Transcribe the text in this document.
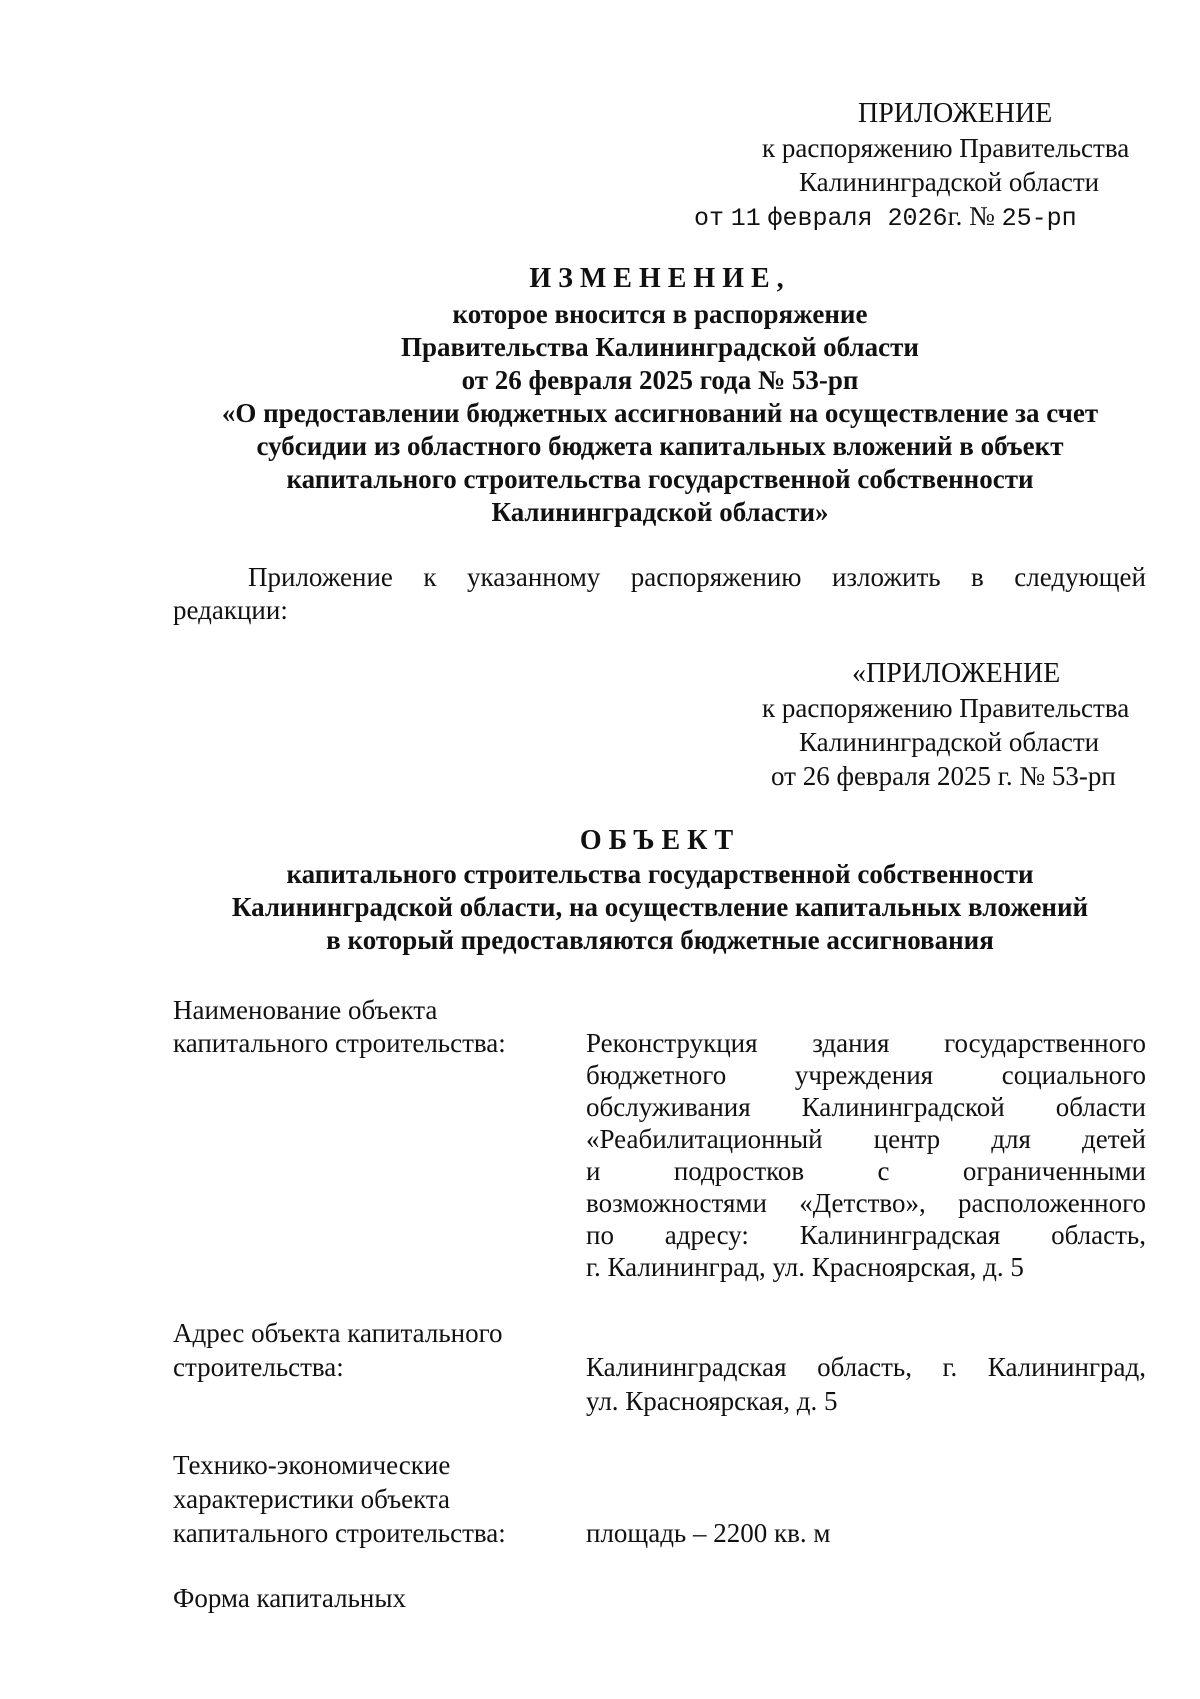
ПРИЛОЖЕНИЕ
к распоряжению Правительства
Калининградской области
от 11 февраля 2026г. № 25-рп
ИЗМЕНЕНИЕ,
которое вносится в распоряжение
Правительства Калининградской области
от 26 февраля 2025 года № 53-рп
«О предоставлении бюджетных ассигнований на осуществление за счет
субсидии из областного бюджета капитальных вложений в объект
капитального строительства государственной собственности
Калининградской области»
Приложение к указанному распоряжению изложить в следующей
редакции:
«ПРИЛОЖЕНИЕ
к распоряжению Правительства
Калининградской области
от 26 февраля 2025 г. № 53-рп
ОБЪЕКТ
капитального строительства государственной собственности
Калининградской области, на осуществление капитальных вложений
в который предоставляются бюджетные ассигнования
Наименование объекта
капитального строительства:	Реконструкция здания государственного
бюджетного учреждения социального
обслуживания Калининградской области
«Реабилитационный центр для детей
и подростков с ограниченными
возможностями «Детство», расположенного
по адресу: Калининградская область,
г. Калининград, ул. Красноярская, д. 5
Адрес объекта капитального
строительства:	Калининградская область, г. Калининград,
ул. Красноярская, д. 5
Технико-экономические
характеристики объекта
капитального строительства:	площадь – 2200 кв. м
Форма капитальных
